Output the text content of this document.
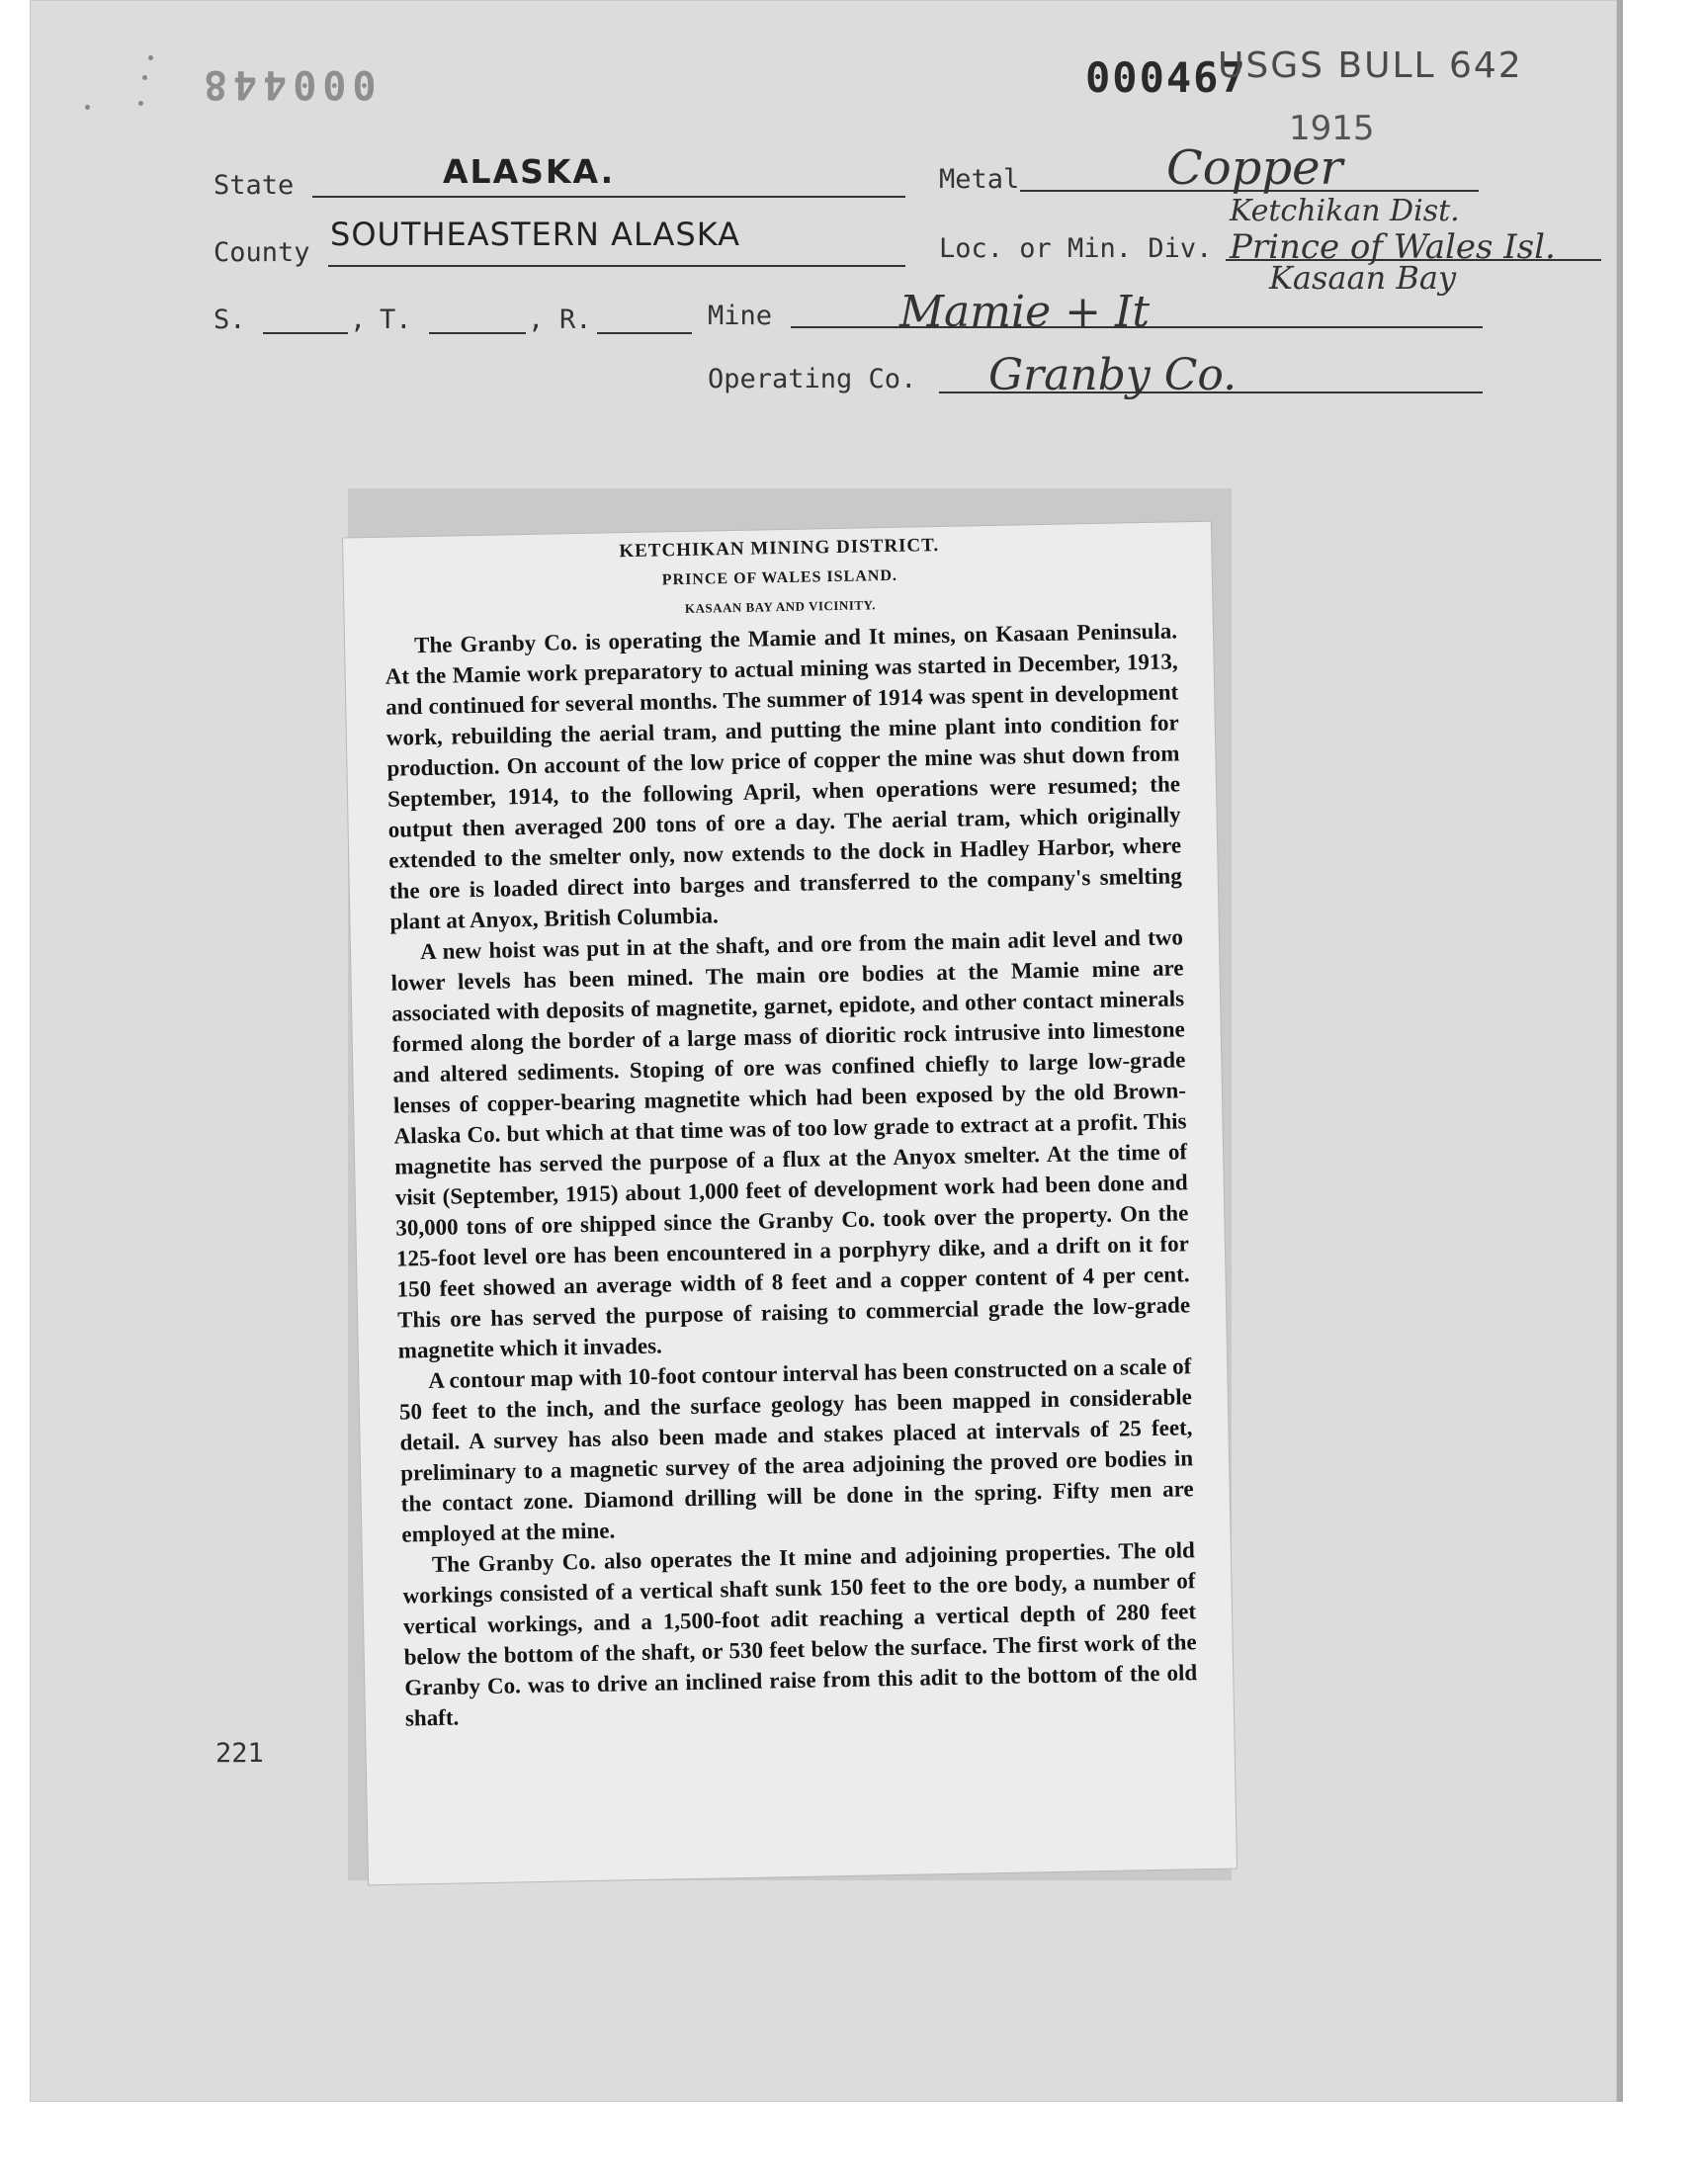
000448	000467
USGS BULL 642
1915
State	ALASKA.
County SOUTHEASTERN ALASKA
S.	, T.	, R.
Metal	Copper
Loc. or Min. Div.
Ketchikan Dist.
Prince of Wales Isl.
Kasaan Bay
Mine	Mamie + It
Operating Co. Granby Co.
221
KETCHIKAN MINING DISTRICT.
PRINCE OF WALES ISLAND.
KASAAN BAY AND VICINITY.

The Granby Co. is operating the Mamie and It mines, on Kasaan Peninsula. At the Mamie work preparatory to actual mining was started in December, 1913, and continued for several months. The summer of 1914 was spent in development work, rebuilding the aerial tram, and putting the mine plant into condition for production. On account of the low price of copper the mine was shut down from September, 1914, to the following April, when operations were resumed; the output then averaged 200 tons of ore a day. The aerial tram, which originally extended to the smelter only, now extends to the dock in Hadley Harbor, where the ore is loaded direct into barges and transferred to the company's smelting plant at Anyox, British Columbia.

A new hoist was put in at the shaft, and ore from the main adit level and two lower levels has been mined. The main ore bodies at the Mamie mine are associated with deposits of magnetite, garnet, epidote, and other contact minerals formed along the border of a large mass of dioritic rock intrusive into limestone and altered sediments. Stoping of ore was confined chiefly to large low-grade lenses of copper-bearing magnetite which had been exposed by the old Brown-Alaska Co. but which at that time was of too low grade to extract at a profit. This magnetite has served the purpose of a flux at the Anyox smelter. At the time of visit (September, 1915) about 1,000 feet of development work had been done and 30,000 tons of ore shipped since the Granby Co. took over the property. On the 125-foot level ore has been encountered in a porphyry dike, and a drift on it for 150 feet showed an average width of 8 feet and a copper content of 4 per cent. This ore has served the purpose of raising to commercial grade the low-grade magnetite which it invades.

A contour map with 10-foot contour interval has been constructed on a scale of 50 feet to the inch, and the surface geology has been mapped in considerable detail. A survey has also been made and stakes placed at intervals of 25 feet, preliminary to a magnetic survey of the area adjoining the proved ore bodies in the contact zone. Diamond drilling will be done in the spring. Fifty men are employed at the mine.

The Granby Co. also operates the It mine and adjoining properties. The old workings consisted of a vertical shaft sunk 150 feet to the ore body, a number of vertical workings, and a 1,500-foot adit reaching a vertical depth of 280 feet below the bottom of the shaft, or 530 feet below the surface. The first work of the Granby Co. was to drive an inclined raise from this adit to the bottom of the old shaft.
